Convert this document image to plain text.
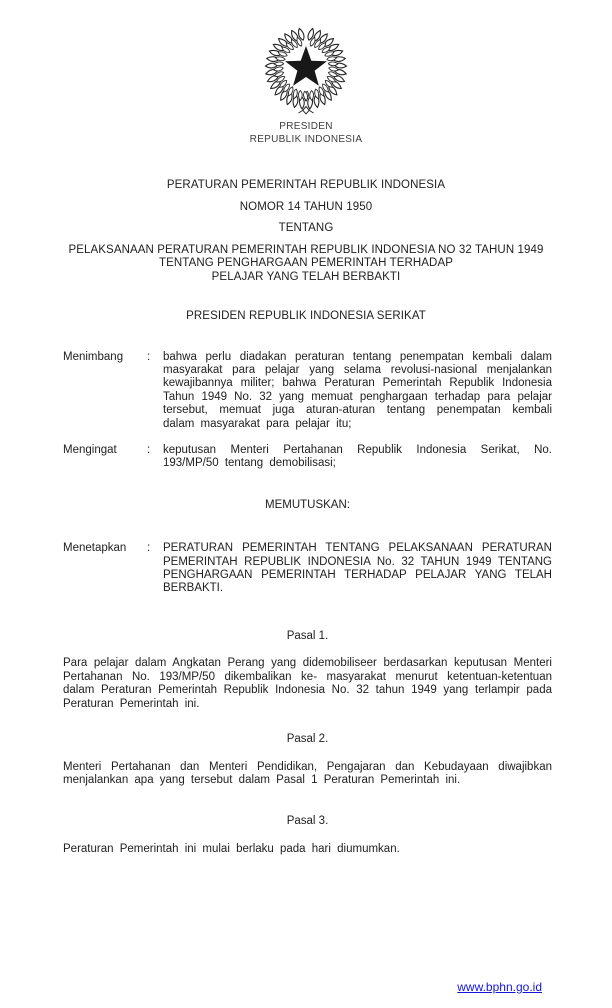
PRESIDEN
REPUBLIK INDONESIA
PERATURAN PEMERINTAH REPUBLIK INDONESIA
NOMOR 14 TAHUN 1950
TENTANG
PELAKSANAAN PERATURAN PEMERINTAH REPUBLIK INDONESIA NO 32 TAHUN 1949
TENTANG PENGHARGAAN PEMERINTAH TERHADAP
PELAJAR YANG TELAH BERBAKTI
PRESIDEN REPUBLIK INDONESIA SERIKAT
Menimbang	:	bahwa perlu diadakan peraturan tentang penempatan kembali dalam masyarakat para pelajar yang selama revolusi-nasional menjalankan kewajibannya militer; bahwa Peraturan Pemerintah Republik Indonesia Tahun 1949 No. 32 yang memuat penghargaan terhadap para pelajar tersebut, memuat juga aturan-aturan tentang penempatan kembali dalam masyarakat para pelajar itu;
Mengingat	:	keputusan Menteri Pertahanan Republik Indonesia Serikat, No. 193/MP/50 tentang demobilisasi;
MEMUTUSKAN:
Menetapkan	:	PERATURAN PEMERINTAH TENTANG PELAKSANAAN PERATURAN PEMERINTAH REPUBLIK INDONESIA No. 32 TAHUN 1949 TENTANG PENGHARGAAN PEMERINTAH TERHADAP PELAJAR YANG TELAH BERBAKTI.
Pasal 1.

Para pelajar dalam Angkatan Perang yang didemobiliseer berdasarkan keputusan Menteri Pertahanan No. 193/MP/50 dikembalikan ke- masyarakat menurut ketentuan-ketentuan dalam Peraturan Pemerintah Republik Indonesia No. 32 tahun 1949 yang terlampir pada Peraturan Pemerintah ini.

Pasal 2.

Menteri Pertahanan dan Menteri Pendidikan, Pengajaran dan Kebudayaan diwajibkan menjalankan apa yang tersebut dalam Pasal 1 Peraturan Pemerintah ini.

Pasal 3.

Peraturan Pemerintah ini mulai berlaku pada hari diumumkan.

www.bphn.go.id
